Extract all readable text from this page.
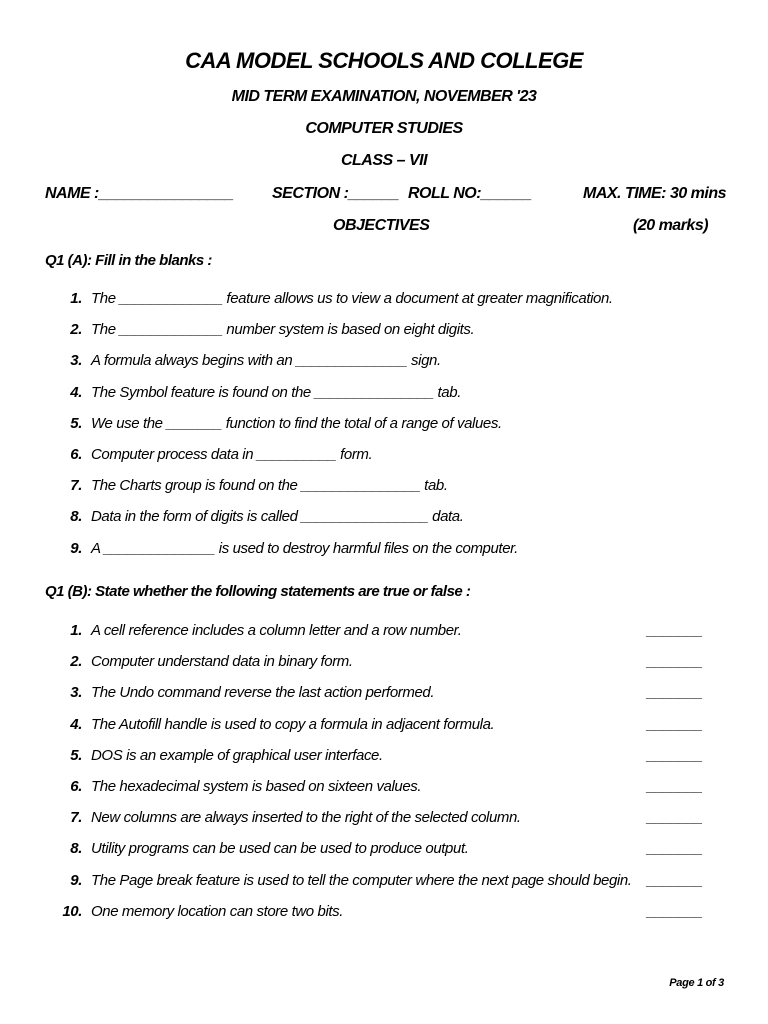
CAA MODEL SCHOOLS AND COLLEGE
MID TERM EXAMINATION, NOVEMBER '23
COMPUTER STUDIES
CLASS – VII
NAME :________________ SECTION :______ ROLL NO:______	MAX. TIME: 30 mins
OBJECTIVES	(20 marks)
Q1 (A): Fill in the blanks :
1. The _____________ feature allows us to view a document at greater magnification.
2. The _____________ number system is based on eight digits.
3. A formula always begins with an ______________ sign.
4. The Symbol feature is found on the _______________ tab.
5. We use the _______ function to find the total of a range of values.
6. Computer process data in __________ form.
7. The Charts group is found on the _______________ tab.
8. Data in the form of digits is called ________________ data.
9. A ______________ is used to destroy harmful files on the computer.
Q1 (B): State whether the following statements are true or false :
1. A cell reference includes a column letter and a row number.	_______
2. Computer understand data in binary form.	_______
3. The Undo command reverse the last action performed.	_______
4. The Autofill handle is used to copy a formula in adjacent formula.	_______
5. DOS is an example of graphical user interface.	_______
6. The hexadecimal system is based on sixteen values.	_______
7. New columns are always inserted to the right of the selected column.	_______
8. Utility programs can be used can be used to produce output.	_______
9. The Page break feature is used to tell the computer where the next page should begin. _______
10. One memory location can store two bits.	_______
Page 1 of 3
